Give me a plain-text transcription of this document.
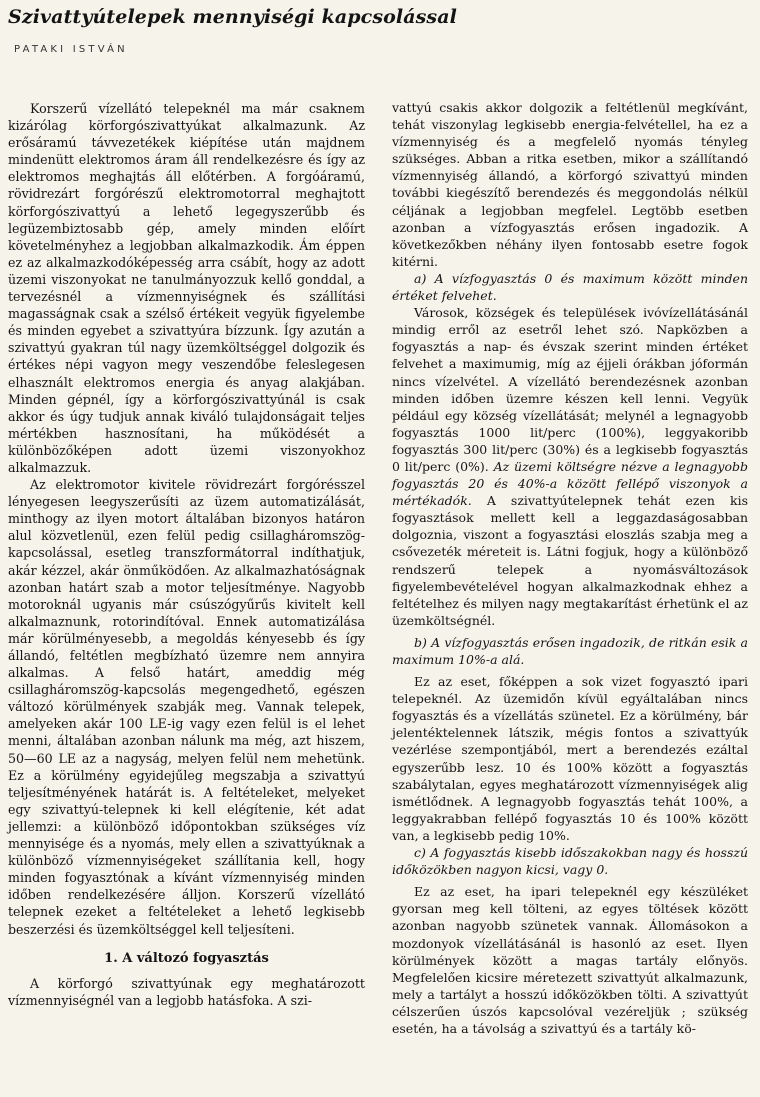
Szivattyútelepek mennyiségi kapcsolással
PATAKI ISTVÁN

Korszerű vízellátó telepeknél ma már csaknem kizárólag körforgószivattyúkat alkalmazunk. Az erősáramú távvezetékek kiépítése után majdnem mindenütt elektromos áram áll rendelkezésre és így az elektromos meghajtás áll előtérben. A forgóáramú, rövidrezárt forgórészű elektromotorral meghajtott körforgószivattyú a lehető legegyszerűbb és legüzembiztosabb gép, amely minden előírt követelményhez a legjobban alkalmazkodik. Ám éppen ez az alkalmazkodóképesség arra csábít, hogy az adott üzemi viszonyokat ne tanulmányozzuk kellő gonddal, a tervezésnél a vízmennyiségnek és szállítási magasságnak csak a szélső értékeit vegyük figyelembe és minden egyebet a szivattyúra bízzunk. Így azután a szivattyú gyakran túl nagy üzemköltséggel dolgozik és értékes népi vagyon megy veszendőbe feleslegesen elhasznált elektromos energia és anyag alakjában. Minden gépnél, így a körforgószivattyúnál is csak akkor és úgy tudjuk annak kiváló tulajdonságait teljes mértékben hasznosítani, ha működését a különbözőképen adott üzemi viszonyokhoz alkalmazzuk.

Az elektromotor kivitele rövidrezárt forgórésszel lényegesen leegyszerűsíti az üzem automatizálását, minthogy az ilyen motort általában bizonyos határon alul közvetlenül, ezen felül pedig csillagháromszög-kapcsolással, esetleg transzformátorral indíthatjuk, akár kézzel, akár önműködően. Az alkalmazhatóságnak azonban határt szab a motor teljesítménye. Nagyobb motoroknál ugyanis már csúszógyűrűs kivitelt kell alkalmaznunk, rotorindítóval. Ennek automatizálása már körülményesebb, a megoldás kényesebb és így állandó, feltétlen megbízható üzemre nem annyira alkalmas. A felső határt, ameddig még csillagháromszög-kapcsolás megengedhető, egészen változó körülmények szabják meg. Vannak telepek, amelyeken akár 100 LE-ig vagy ezen felül is el lehet menni, általában azonban nálunk ma még, azt hiszem, 50—60 LE az a nagyság, melyen felül nem mehetünk. Ez a körülmény egyidejűleg megszabja a szivattyú teljesítményének határát is. A feltételeket, melyeket egy szivattyú-telepnek ki kell elégítenie, két adat jellemzi: a különböző időpontokban szükséges víz mennyisége és a nyomás, mely ellen a szivattyúknak a különböző vízmennyiségeket szállítania kell, hogy minden fogyasztónak a kívánt vízmennyiség minden időben rendelkezésére álljon. Korszerű vízellátó telepnek ezeket a feltételeket a lehető legkisebb beszerzési és üzemköltséggel kell teljesíteni.

1. A változó fogyasztás

A körforgó szivattyúnak egy meghatározott vízmennyiségnél van a legjobb hatásfoka. A szi-

vattyú csakis akkor dolgozik a feltétlenül megkívánt, tehát viszonylag legkisebb energia-felvétellel, ha ez a vízmennyiség és a megfelelő nyomás tényleg szükséges. Abban a ritka esetben, mikor a szállítandó vízmennyiség állandó, a körforgó szivattyú minden további kiegészítő berendezés és meggondolás nélkül céljának a legjobban megfelel. Legtöbb esetben azonban a vízfogyasztás erősen ingadozik. A következőkben néhány ilyen fontosabb esetre fogok kitérni.

a) A vízfogyasztás 0 és maximum között minden értéket felvehet.

Városok, községek és települések ivóvízellátásánál mindig erről az esetről lehet szó. Napközben a fogyasztás a nap- és évszak szerint minden értéket felvehet a maximumig, míg az éjjeli órákban jóformán nincs vízelvétel. A vízellátó berendezésnek azonban minden időben üzemre készen kell lenni. Vegyük például egy község vízellátását; melynél a legnagyobb fogyasztás 1000 lit/perc (100%), leggyakoribb fogyasztás 300 lit/perc (30%) és a legkisebb fogyasztás 0 lit/perc (0%). Az üzemi költségre nézve a legnagyobb fogyasztás 20 és 40%-a között fellépő viszonyok a mértékadók. A szivattyútelepnek tehát ezen kis fogyasztások mellett kell a leggazdaságosabban dolgoznia, viszont a fogyasztási eloszlás szabja meg a csővezeték méreteit is. Látni fogjuk, hogy a különböző rendszerű telepek a nyomásváltozások figyelembevételével hogyan alkalmazkodnak ehhez a feltételhez és milyen nagy megtakarítást érhetünk el az üzemköltségnél.

b) A vízfogyasztás erősen ingadozik, de ritkán esik a maximum 10%-a alá.

Ez az eset, főképpen a sok vizet fogyasztó ipari telepeknél. Az üzemidőn kívül egyáltalában nincs fogyasztás és a vízellátás szünetel. Ez a körülmény, bár jelentéktelennek látszik, mégis fontos a szivattyúk vezérlése szempontjából, mert a berendezés ezáltal egyszerűbb lesz. 10 és 100% között a fogyasztás szabálytalan, egyes meghatározott vízmennyiségek alig ismétlődnek. A legnagyobb fogyasztás tehát 100%, a leggyakrabban fellépő fogyasztás 10 és 100% között van, a legkisebb pedig 10%.

c) A fogyasztás kisebb időszakokban nagy és hosszú időközökben nagyon kicsi, vagy 0.

Ez az eset, ha ipari telepeknél egy készüléket gyorsan meg kell tölteni, az egyes töltések között azonban nagyobb szünetek vannak. Állomásokon a mozdonyok vízellátásánál is hasonló az eset. Ilyen körülmények között a magas tartály előnyös. Megfelelően kicsire méretezett szivattyút alkalmazunk, mely a tartályt a hosszú időközökben tölti. A szivattyút célszerűen úszós kapcsolóval vezéreljük ; szükség esetén, ha a távolság a szivattyú és a tartály kö-
